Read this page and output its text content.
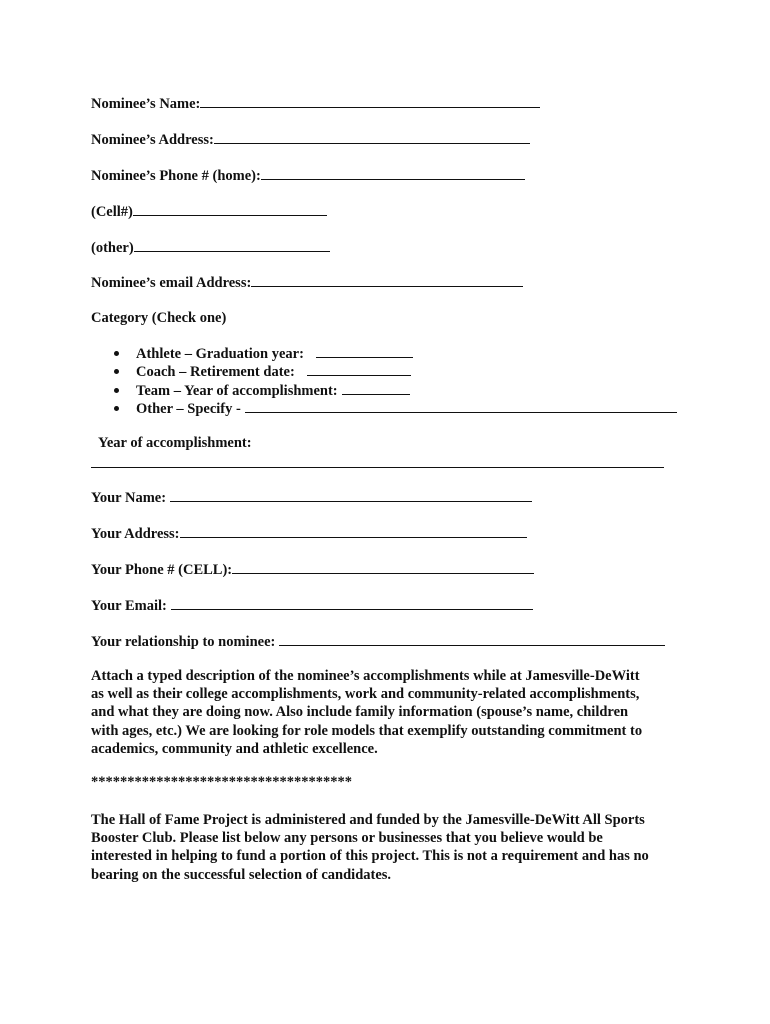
Nominee’s Name:
Nominee’s Address:
Nominee’s Phone # (home):
(Cell#)
(other)
Nominee’s email Address:
Category (Check one)
Athlete – Graduation year:
Coach – Retirement date:
Team – Year of accomplishment:
Other – Specify -
Year of accomplishment:
Your Name:
Your Address:
Your Phone # (CELL):
Your Email:
Your relationship to nominee:
Attach a typed description of the nominee’s accomplishments while at Jamesville-DeWitt
as well as their college accomplishments, work and community-related accomplishments,
and what they are doing now. Also include family information (spouse’s name, children
with ages, etc.) We are looking for role models that exemplify outstanding commitment to
academics, community and athletic excellence.
************************************
The Hall of Fame Project is administered and funded by the Jamesville-DeWitt All Sports
Booster Club. Please list below any persons or businesses that you believe would be
interested in helping to fund a portion of this project. This is not a requirement and has no
bearing on the successful selection of candidates.
